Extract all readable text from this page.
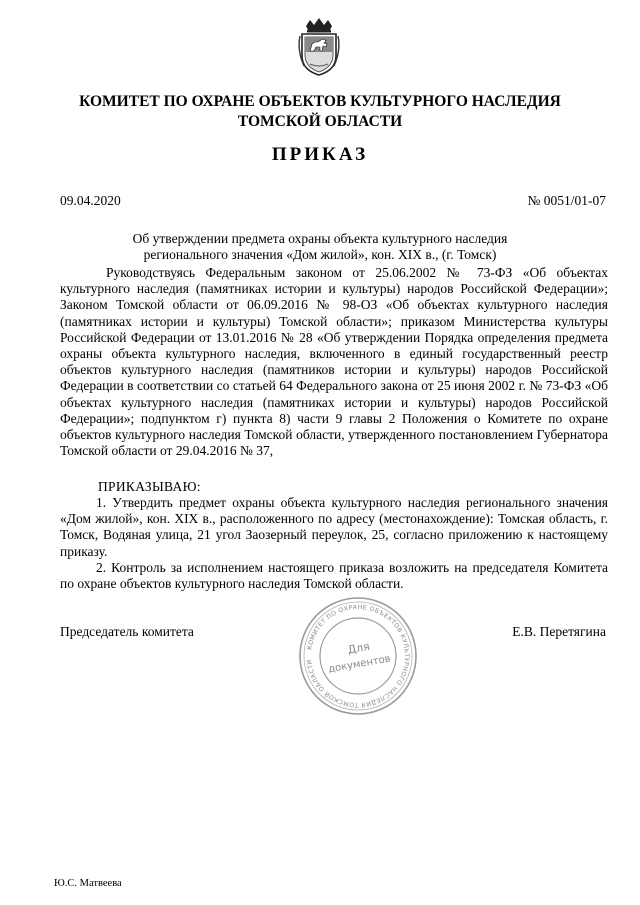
КОМИТЕТ ПО ОХРАНЕ ОБЪЕКТОВ КУЛЬТУРНОГО НАСЛЕДИЯ
ТОМСКОЙ ОБЛАСТИ
ПРИКАЗ
09.04.2020	№ 0051/01-07
Об утверждении предмета охраны объекта культурного наследия
регионального значения «Дом жилой», кон. XIX в., (г. Томск)
Руководствуясь Федеральным законом от 25.06.2002 № 73-ФЗ «Об объектах культурного наследия (памятниках истории и культуры) народов Российской Федерации»; Законом Томской области от 06.09.2016 № 98-ОЗ «Об объектах культурного наследия (памятниках истории и культуры) Томской области»; приказом Министерства культуры Российской Федерации от 13.01.2016 № 28 «Об утверждении Порядка определения предмета охраны объекта культурного наследия, включенного в единый государственный реестр объектов культурного наследия (памятников истории и культуры) народов Российской Федерации в соответствии со статьей 64 Федерального закона от 25 июня 2002 г. № 73-ФЗ «Об объектах культурного наследия (памятниках истории и культуры) народов Российской Федерации»; подпунктом г) пункта 8) части 9 главы 2 Положения о Комитете по охране объектов культурного наследия Томской области, утвержденного постановлением Губернатора Томской области от 29.04.2016 № 37,
ПРИКАЗЫВАЮ:
1. Утвердить предмет охраны объекта культурного наследия регионального значения «Дом жилой», кон. XIX в., расположенного по адресу (местонахождение): Томская область, г. Томск, Водяная улица, 21 угол Заозерный переулок, 25, согласно приложению к настоящему приказу.
2. Контроль за исполнением настоящего приказа возложить на председателя Комитета по охране объектов культурного наследия Томской области.
Председатель комитета	Е.В. Перетягина
КОМИТЕТ ПО ОХРАНЕ ОБЪЕКТОВ КУЛЬТУРНОГО НАСЛЕДИЯ ТОМСКОЙ ОБЛАСТИ
Для
документов
Ю.С. Матвеева
